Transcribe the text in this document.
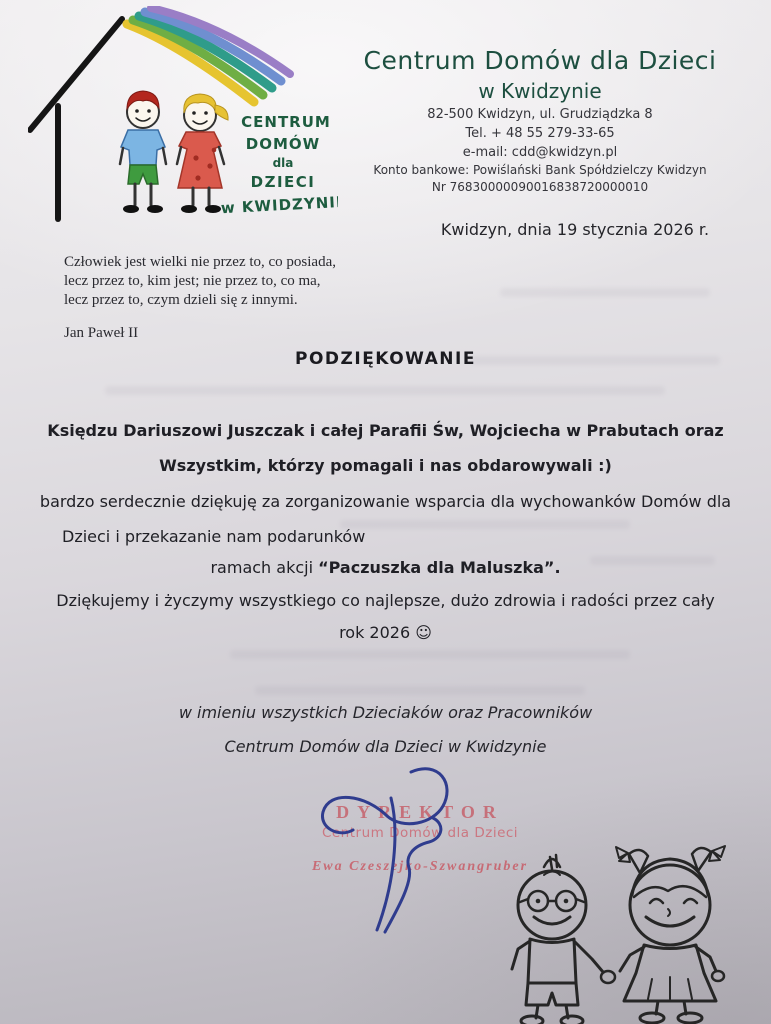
CENTRUM
DOMÓW
dla
DZIECI
w KWIDZYNIE
Centrum Domów dla Dzieci
w Kwidzynie
82-500 Kwidzyn, ul. Grudziądzka 8
Tel. + 48 55 279-33-65
e-mail: cdd@kwidzyn.pl
Konto bankowe: Powiślański Bank Spółdzielczy Kwidzyn
Nr 76830000090016838720000010
Kwidzyn, dnia 19 stycznia 2026 r.
Człowiek jest wielki nie przez to, co posiada,
lecz przez to, kim jest; nie przez to, co ma,
lecz przez to, czym dzieli się z innymi.
Jan Paweł II
PODZIĘKOWANIE
Księdzu Dariuszowi Juszczak i całej Parafii Św, Wojciecha w Prabutach oraz
Wszystkim, którzy pomagali i nas obdarowywali :)
bardzo serdecznie dziękuję za zorganizowanie wsparcia dla wychowanków Domów dla
Dzieci i przekazanie nam podarunków
ramach akcji “Paczuszka dla Maluszka”.
Dziękujemy i życzymy wszystkiego co najlepsze, dużo zdrowia i radości przez cały
rok 2026 ☺
w imieniu wszystkich Dzieciaków oraz Pracowników
Centrum Domów dla Dzieci w Kwidzynie
DYREKTOR
Centrum Domów dla Dzieci
Ewa Czeszejko-Szwangruber
